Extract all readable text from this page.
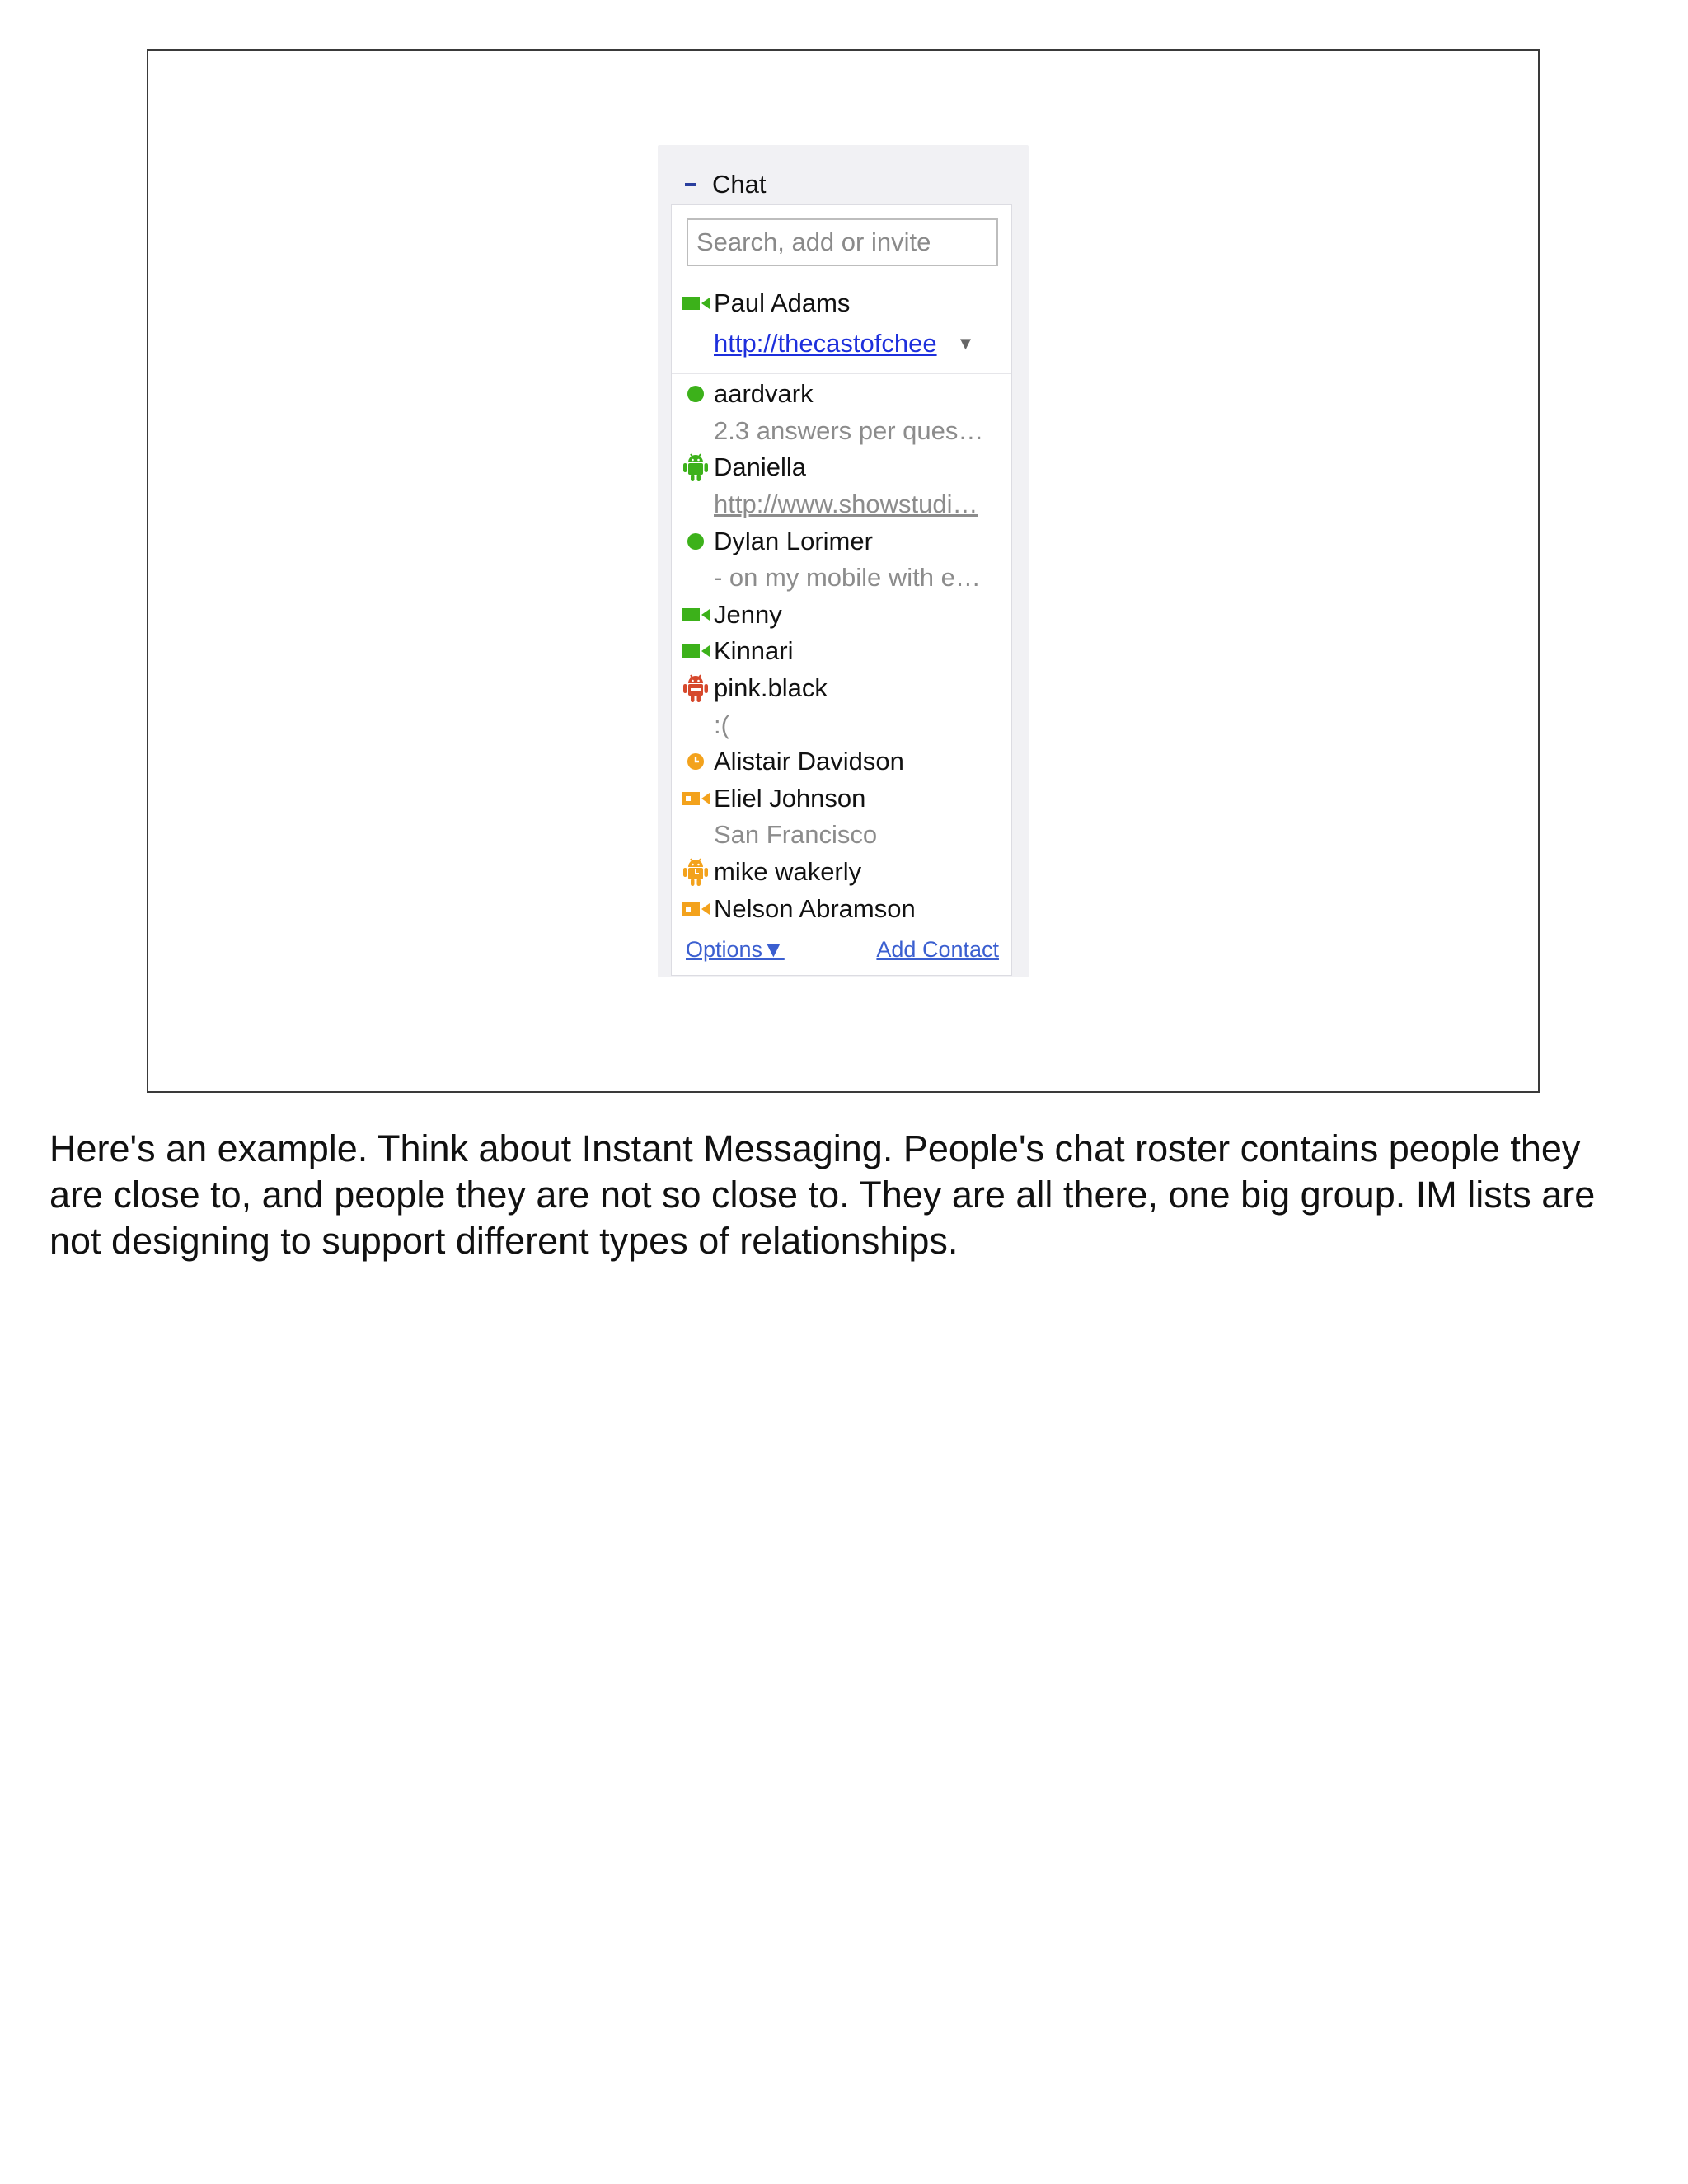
Chat
Search, add or invite
Paul Adams
http://thecastofchee ▼
aardvark
2.3 answers per ques…
Daniella
http://www.showstudi…
Dylan Lorimer
- on my mobile with e…
Jenny
Kinnari
pink.black
:(
Alistair Davidson
Eliel Johnson
San Francisco
mike wakerly
Nelson Abramson
Options▼	Add Contact
Here's an example. Think about Instant Messaging. People's chat roster contains people they are close to, and people they are not so close to. They are all there, one big group. IM lists are not designing to support different types of relationships.
